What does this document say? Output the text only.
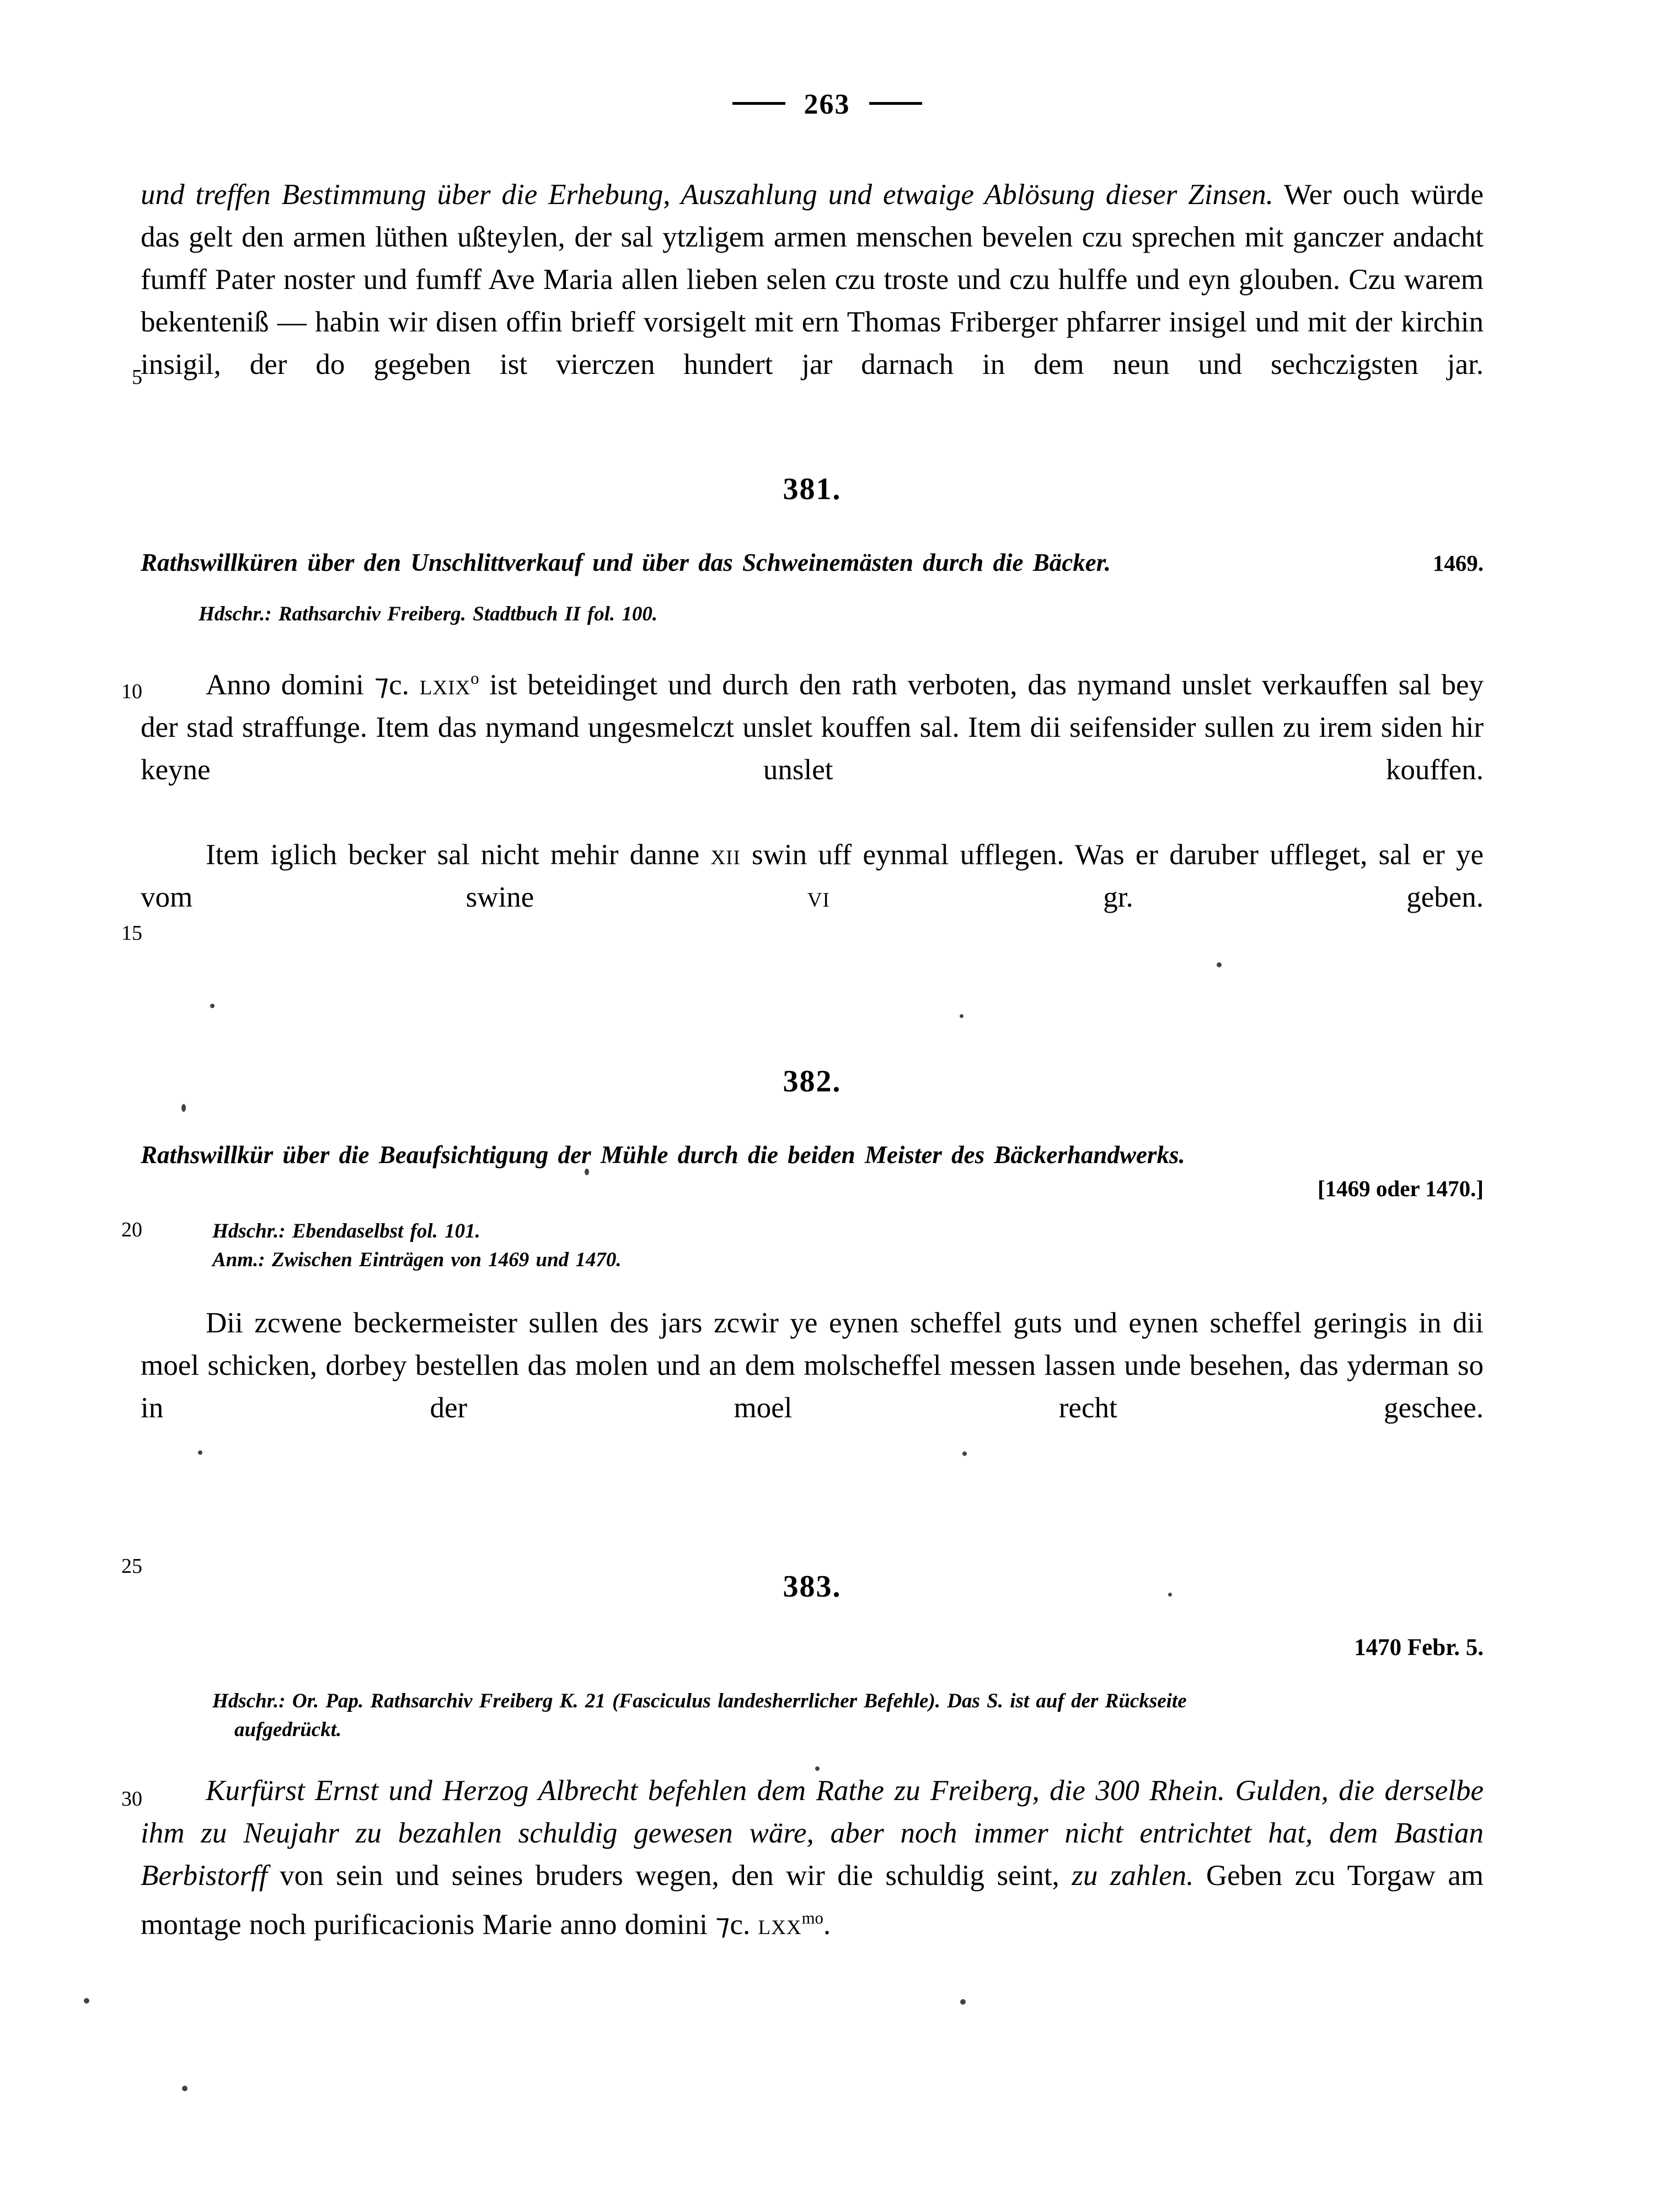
263
5
10
15
20
25
30

und treffen Bestimmung über die Erhebung, Auszahlung und etwaige Ablösung dieser Zinsen. Wer ouch würde das gelt den armen lüthen ußteylen, der sal ytzligem armen menschen bevelen czu sprechen mit ganczer andacht fumff Pater noster und fumff Ave Maria allen lieben selen czu troste und czu hulffe und eyn glouben. Czu warem bekenteniß — habin wir disen offin brieff vorsigelt mit ern Thomas Friberger phfarrer insigel und mit der kirchin insigil, der do gegeben ist vierczen hundert jar darnach in dem neun und sechczigsten jar.

381.

Rathswillküren über den Unschlittverkauf und über das Schweinemästen durch die Bäcker.	1469.

Hdschr.: Rathsarchiv Freiberg. Stadtbuch II fol. 100.

Anno domini ⁊c. lxix$^o$ ist beteidinget und durch den rath verboten, das nymand unslet verkauffen sal bey der stad straffunge. Item das nymand ungesmelczt unslet kouffen sal. Item dii seifensider sullen zu irem siden hir keyne unslet kouffen.

Item iglich becker sal nicht mehir danne xii swin uff eynmal ufflegen. Was er daruber uffleget, sal er ye vom swine vi gr. geben.

382.

Rathswillkür über die Beaufsichtigung der Mühle durch die beiden Meister des Bäckerhandwerks.

[1469 oder 1470.]

Hdschr.: Ebendaselbst fol. 101.

Anm.: Zwischen Einträgen von 1469 und 1470.

Dii zcwene beckermeister sullen des jars zcwir ye eynen scheffel guts und eynen scheffel geringis in dii moel schicken, dorbey bestellen das molen und an dem molscheffel messen lassen unde besehen, das yderman so in der moel recht geschee.

383.

1470 Febr. 5.

Hdschr.: Or. Pap. Rathsarchiv Freiberg K. 21 (Fasciculus landesherrlicher Befehle). Das S. ist auf der Rückseite
aufgedrückt.

Kurfürst Ernst und Herzog Albrecht befehlen dem Rathe zu Freiberg, die 300 Rhein. Gulden, die derselbe ihm zu Neujahr zu bezahlen schuldig gewesen wäre, aber noch immer nicht entrichtet hat, dem Bastian Berbistorff von sein und seines bruders wegen, den wir die schuldig seint, zu zahlen. Geben zcu Torgaw am montage noch purificacionis Marie anno domini ⁊c. lxx$^{mo}$.
